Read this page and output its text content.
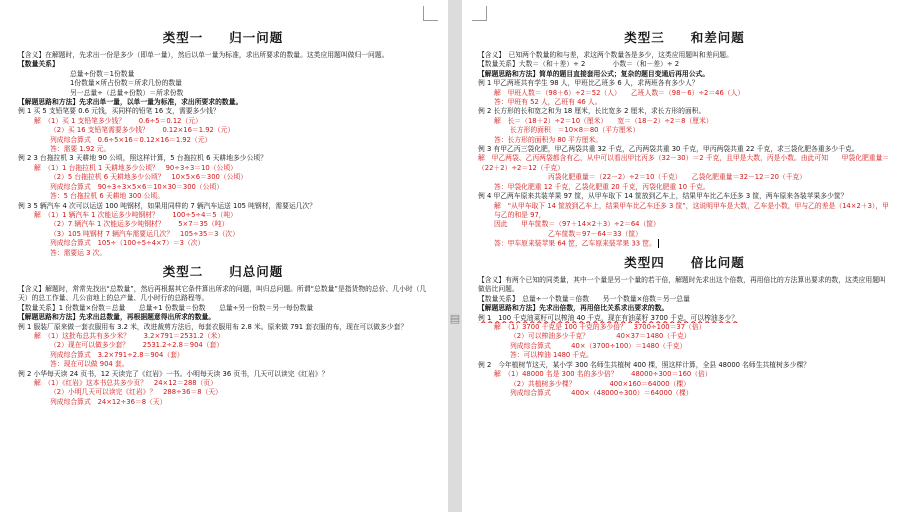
类型一 归一问题
【含义】在解题时，先求出一份是多少（即单一量），然后以单一量为标准，求出所要求的数量。这类应用题叫做归一问题。
【数量关系】
总量÷份数＝1份数量
1份数量×所占份数＝所求几份的数量
另一总量÷（总量÷份数）＝所求份数
【解题思路和方法】先求出单一量，以单一量为标准，求出所要求的数量。
例 1 买 5 支铅笔要 0.6 元钱，买同样的铅笔 16 支，需要多少钱？
解　（1）买 1 支铅笔多少钱？　　0.6÷5＝0.12（元）
（2）买 16 支铅笔需要多少钱？　　0.12×16＝1.92（元）
列成综合算式　0.6÷5×16＝0.12×16＝1.92（元）
答：需要 1.92 元。
例 2 3 台拖拉机 3 天耕地 90 公顷，照这样计算，5 台拖拉机 6 天耕地多少公顷？
解　（1）1 台拖拉机 1 天耕地多少公顷？　90÷3÷3＝10（公顷）
（2）5 台拖拉机 6 天耕地多少公顷？　10×5×6＝300（公顷）
列成综合算式　90÷3÷3×5×6＝10×30＝300（公顷）
答：5 台拖拉机 6 天耕地 300 公顷。
例 3 5 辆汽车 4 次可以运送 100 吨钢材，如果用同样的 7 辆汽车运送 105 吨钢材，需要运几次？
解　（1）1 辆汽车 1 次能运多少吨钢材？　　100÷5÷4＝5（吨）
（2）7 辆汽车 1 次能运多少吨钢材？　　5×7＝35（吨）
（3）105 吨钢材 7 辆汽车需要运几次？　105÷35＝3（次）
列成综合算式　105÷（100÷5÷4×7）＝3（次）
答：需要运 3 次。
类型二 归总问题
【含义】解题时，常常先找出“总数量”，然后再根据其它条件算出所求的问题，叫归总问题。所谓“总数量”是指货物的总价、几小时（几天）的总工作量、几公亩地上的总产量、几小时行的总路程等。
【数量关系】1 份数量×份数＝总量　　总量÷1 份数量＝份数　　总量÷另一份数＝另一每份数量
【解题思路和方法】先求出总数量，再根据题意得出所求的数量。
例 1 服装厂原来做一套衣服用布 3.2 米，改进裁剪方法后，每套衣服用布 2.8 米。原来做 791 套衣服的布，现在可以做多少套？
解　（1）这批布总共有多少米？　　3.2×791＝2531.2（米）
（2）现在可以做多少套？　　2531.2÷2.8＝904（套）
列成综合算式　3.2×791÷2.8＝904（套）
答：现在可以做 904 套。
例 2 小华每天读 24 页书，12 天读完了《红岩》一书。小明每天读 36 页书，几天可以读完《红岩》？
解　（1）《红岩》这本书总共多少页？　24×12＝288（页）
（2）小明几天可以读完《红岩》？　288÷36＝8（天）
列成综合算式　24×12÷36＝8（天）
▤
类型三 和差问题
【含义】　已知两个数量的和与差，求这两个数量各是多少，这类应用题叫和差问题。
【数量关系】大数＝（和＋差）÷ 2　　　　小数＝（和－差）÷ 2
【解题思路和方法】简单的题目直接套用公式；复杂的题目变通后再用公式。
例 1 甲乙两班共有学生 98 人，甲班比乙班多 6 人，求两班各有多少人？
解　甲班人数＝（98＋6）÷2＝52（人）　　乙班人数＝（98－6）÷2＝46（人）
答：甲班有 52 人，乙班有 46 人。
例 2 长方形的长和宽之和为 18 厘米，长比宽多 2 厘米，求长方形的面积。
解　长＝（18＋2）÷2＝10（厘米）　　宽＝（18－2）÷2＝8（厘米）
长方形的面积　＝10×8＝80（平方厘米）
答：长方形的面积为 80 平方厘米。
例 3 有甲乙丙三袋化肥，甲乙两袋共重 32 千克，乙丙两袋共重 30 千克，甲丙两袋共重 22 千克，求三袋化肥各重多少千克。
解　甲乙两袋、乙丙两袋都含有乙，从中可以看出甲比丙多（32－30）＝2 千克，且甲是大数，丙是小数。由此可知　　甲袋化肥重量＝（22＋2）÷2＝12（千克）
丙袋化肥重量＝（22－2）÷2＝10（千克）　　乙袋化肥重量＝32－12＝20（千克）
答：甲袋化肥重 12 千克，乙袋化肥重 20 千克，丙袋化肥重 10 千克。
例 4 甲乙两车原来共装苹果 97 筐，从甲车取下 14 筐放到乙车上，结果甲车比乙车还多 3 筐，两车原来各装苹果多少筐？
解　“从甲车取下 14 筐放到乙车上，结果甲车比乙车还多 3 筐”，这说明甲车是大数，乙车是小数，甲与乙的差是（14×2＋3），甲与乙的和是 97，
因此　　甲车筐数＝（97＋14×2＋3）÷2＝64（筐）
乙车筐数＝97－64＝33（筐）
答：甲车原来装苹果 64 筐，乙车原来装苹果 33 筐。
类型四 倍比问题
【含义】有两个已知的同类量，其中一个量是另一个量的若干倍，解题时先求出这个倍数，再用倍比的方法算出要求的数，这类应用题叫做倍比问题。
【数量关系】　总量÷一个数量＝倍数　　另一个数量×倍数＝另一总量
【解题思路和方法】先求出倍数，再用倍比关系求出要求的数。
例 1　100 千克油菜籽可以榨油 40 千克，现在有油菜籽 3700 千克，可以榨油多少？
解　（1）3700 千克是 100 千克的多少倍？　3700÷100＝37（倍）
（2）可以榨油多少千克？　　　　40×37＝1480（千克）
列成综合算式　　　40×（3700÷100）＝1480（千克）
答：可以榨油 1480 千克。
例 2　今年植树节这天，某小学 300 名师生共植树 400 棵，照这样计算，全县 48000 名师生共植树多少棵？
解　（1）48000 名是 300 名的多少倍？　　48000÷300＝160（倍）
（2）共植树多少棵？　　　　　400×160＝64000（棵）
列成综合算式　　　400×（48000÷300）＝64000（棵）
